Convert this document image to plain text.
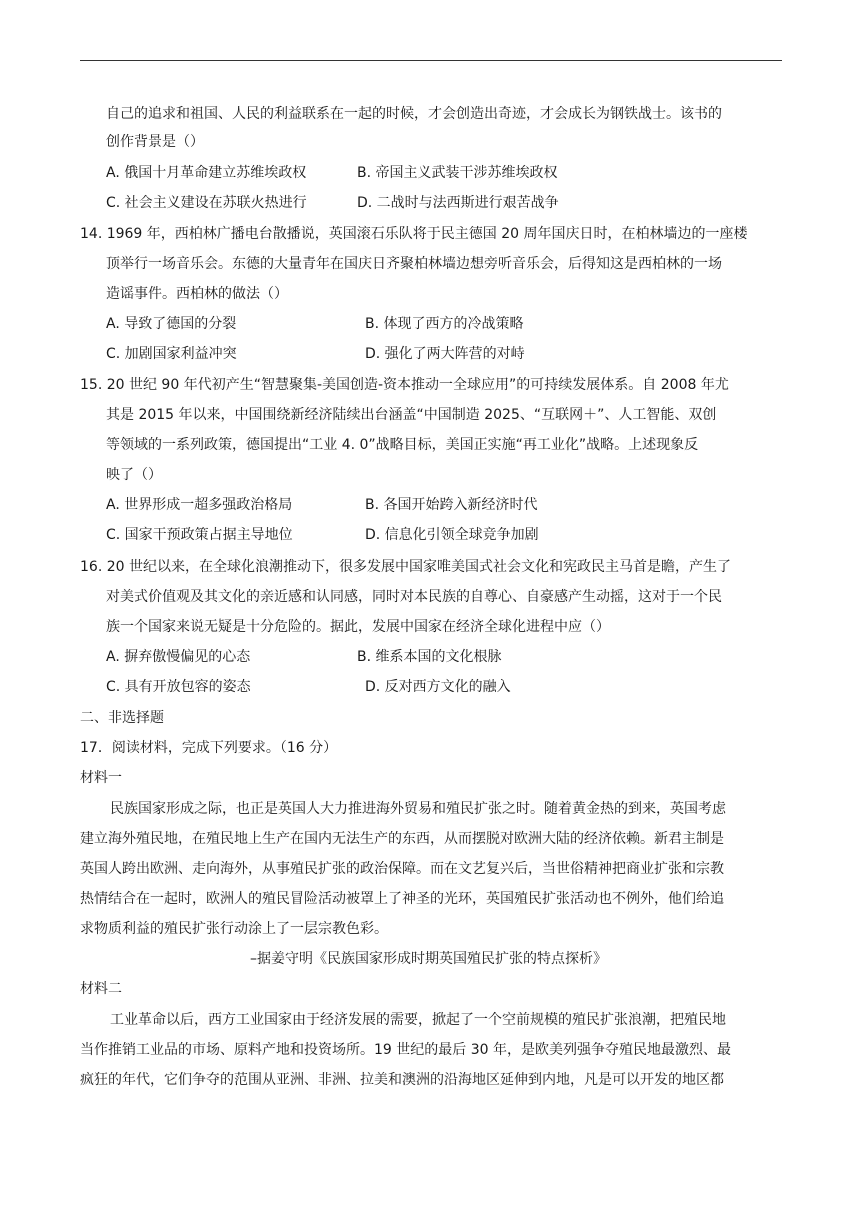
自己的追求和祖国、人民的利益联系在一起的时候，才会创造出奇迹，才会成长为钢铁战士。该书的
创作背景是（）
A. 俄国十月革命建立苏维埃政权	B. 帝国主义武装干涉苏维埃政权
C. 社会主义建设在苏联火热进行	D. 二战时与法西斯进行艰苦战争
14. 1969 年，西柏林广播电台散播说，英国滚石乐队将于民主德国 20 周年国庆日时，在柏林墙边的一座楼
顶举行一场音乐会。东德的大量青年在国庆日齐聚柏林墙边想旁听音乐会，后得知这是西柏林的一场
造谣事件。西柏林的做法（）
A. 导致了德国的分裂	B. 体现了西方的冷战策略
C. 加剧国家利益冲突	D. 强化了两大阵营的对峙
15. 20 世纪 90 年代初产生“智慧聚集-美国创造-资本推动一全球应用”的可持续发展体系。自 2008 年尤
其是 2015 年以来，中国围绕新经济陆续出台涵盖“中国制造 2025、“互联网＋”、人工智能、双创
等领域的一系列政策，德国提出“工业 4. 0”战略目标，美国正实施“再工业化”战略。上述现象反
映了（）
A. 世界形成一超多强政治格局	B. 各国开始跨入新经济时代
C. 国家干预政策占据主导地位	D. 信息化引领全球竞争加剧
16. 20 世纪以来，在全球化浪潮推动下，很多发展中国家唯美国式社会文化和宪政民主马首是瞻，产生了
对美式价值观及其文化的亲近感和认同感，同时对本民族的自尊心、自豪感产生动摇，这对于一个民
族一个国家来说无疑是十分危险的。据此，发展中国家在经济全球化进程中应（）
A. 摒弃傲慢偏见的心态	B. 维系本国的文化根脉
C. 具有开放包容的姿态	D. 反对西方文化的融入
二、非选择题
17．阅读材料，完成下列要求。（16 分）
材料一
民族国家形成之际，也正是英国人大力推进海外贸易和殖民扩张之时。随着黄金热的到来，英国考虑
建立海外殖民地，在殖民地上生产在国内无法生产的东西，从而摆脱对欧洲大陆的经济依赖。新君主制是
英国人跨出欧洲、走向海外，从事殖民扩张的政治保障。而在文艺复兴后，当世俗精神把商业扩张和宗教
热情结合在一起时，欧洲人的殖民冒险活动被罩上了神圣的光环，英国殖民扩张活动也不例外，他们给追
求物质利益的殖民扩张行动涂上了一层宗教色彩。
–据姜守明《民族国家形成时期英国殖民扩张的特点探析》
材料二
工业革命以后，西方工业国家由于经济发展的需要，掀起了一个空前规模的殖民扩张浪潮，把殖民地
当作推销工业品的市场、原料产地和投资场所。19 世纪的最后 30 年，是欧美列强争夺殖民地最激烈、最
疯狂的年代，它们争夺的范围从亚洲、非洲、拉美和澳洲的沿海地区延伸到内地，凡是可以开发的地区都
